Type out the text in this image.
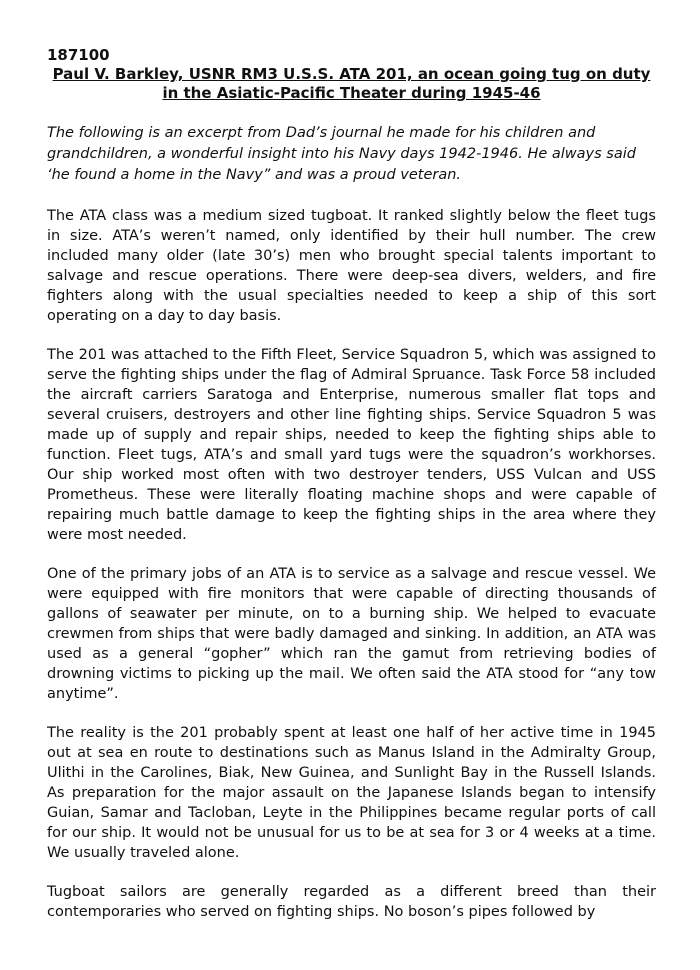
187100

Paul V. Barkley, USNR RM3 U.S.S. ATA 201, an ocean going tug on duty in the Asiatic-Pacific Theater during 1945-46

The following is an excerpt from Dad’s journal he made for his children and grandchildren, a wonderful insight into his Navy days 1942-1946. He always said ‘he found a home in the Navy” and was a proud veteran.

The ATA class was a medium sized tugboat. It ranked slightly below the fleet tugs in size. ATA’s weren’t named, only identified by their hull number. The crew included many older (late 30’s) men who brought special talents important to salvage and rescue operations. There were deep-sea divers, welders, and fire fighters along with the usual specialties needed to keep a ship of this sort operating on a day to day basis.

The 201 was attached to the Fifth Fleet, Service Squadron 5, which was assigned to serve the fighting ships under the flag of Admiral Spruance. Task Force 58 included the aircraft carriers Saratoga and Enterprise, numerous smaller flat tops and several cruisers, destroyers and other line fighting ships. Service Squadron 5 was made up of supply and repair ships, needed to keep the fighting ships able to function. Fleet tugs, ATA’s and small yard tugs were the squadron’s workhorses. Our ship worked most often with two destroyer tenders, USS Vulcan and USS Prometheus. These were literally floating machine shops and were capable of repairing much battle damage to keep the fighting ships in the area where they were most needed.

One of the primary jobs of an ATA is to service as a salvage and rescue vessel. We were equipped with fire monitors that were capable of directing thousands of gallons of seawater per minute, on to a burning ship. We helped to evacuate crewmen from ships that were badly damaged and sinking. In addition, an ATA was used as a general “gopher” which ran the gamut from retrieving bodies of drowning victims to picking up the mail. We often said the ATA stood for “any tow anytime”.

The reality is the 201 probably spent at least one half of her active time in 1945 out at sea en route to destinations such as Manus Island in the Admiralty Group, Ulithi in the Carolines, Biak, New Guinea, and Sunlight Bay in the Russell Islands. As preparation for the major assault on the Japanese Islands began to intensify Guian, Samar and Tacloban, Leyte in the Philippines became regular ports of call for our ship. It would not be unusual for us to be at sea for 3 or 4 weeks at a time. We usually traveled alone.

Tugboat sailors are generally regarded as a different breed than their contemporaries who served on fighting ships. No boson’s pipes followed by
